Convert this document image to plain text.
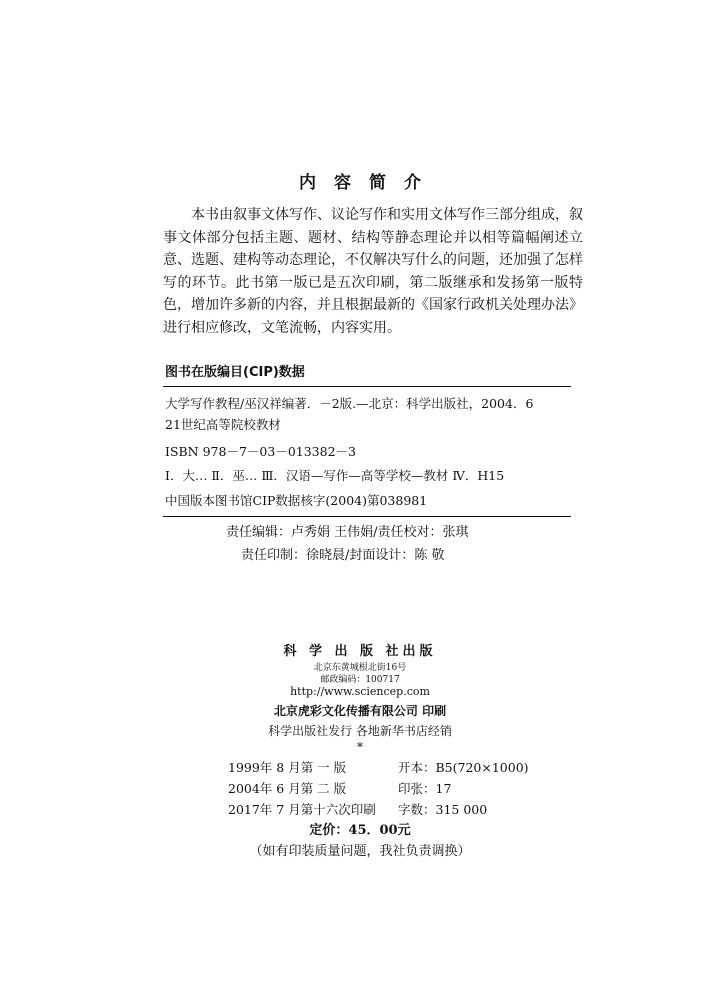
内容简介
本书由叙事文体写作、议论写作和实用文体写作三部分组成，叙事文体部分包括主题、题材、结构等静态理论并以相等篇幅阐述立意、选题、建构等动态理论，不仅解决写什么的问题，还加强了怎样写的环节。此书第一版已是五次印刷，第二版继承和发扬第一版特色，增加许多新的内容，并且根据最新的《国家行政机关处理办法》进行相应修改，文笔流畅，内容实用。
图书在版编目(CIP)数据
大学写作教程/巫汉祥编著．－2版.—北京：科学出版社，2004．6
21世纪高等院校教材
ISBN 978－7－03－013382－3
Ⅰ．大… Ⅱ．巫… Ⅲ．汉语—写作—高等学校—教材 Ⅳ．H15
中国版本图书馆CIP数据核字(2004)第038981
责任编辑：卢秀娟 王伟娟/责任校对：张琪
责任印制：徐晓晨/封面设计：陈 敬
科 学 出 版 社出版
北京东黄城根北街16号
邮政编码：100717
http://www.sciencep.com
北京虎彩文化传播有限公司 印刷
科学出版社发行 各地新华书店经销
*
1999年 8 月第 一 版	开本：B5(720×1000)
2004年 6 月第 二 版	印张：17
2017年 7 月第十六次印刷 字数：315 000
定价：45．00元
（如有印装质量问题，我社负责调换）
